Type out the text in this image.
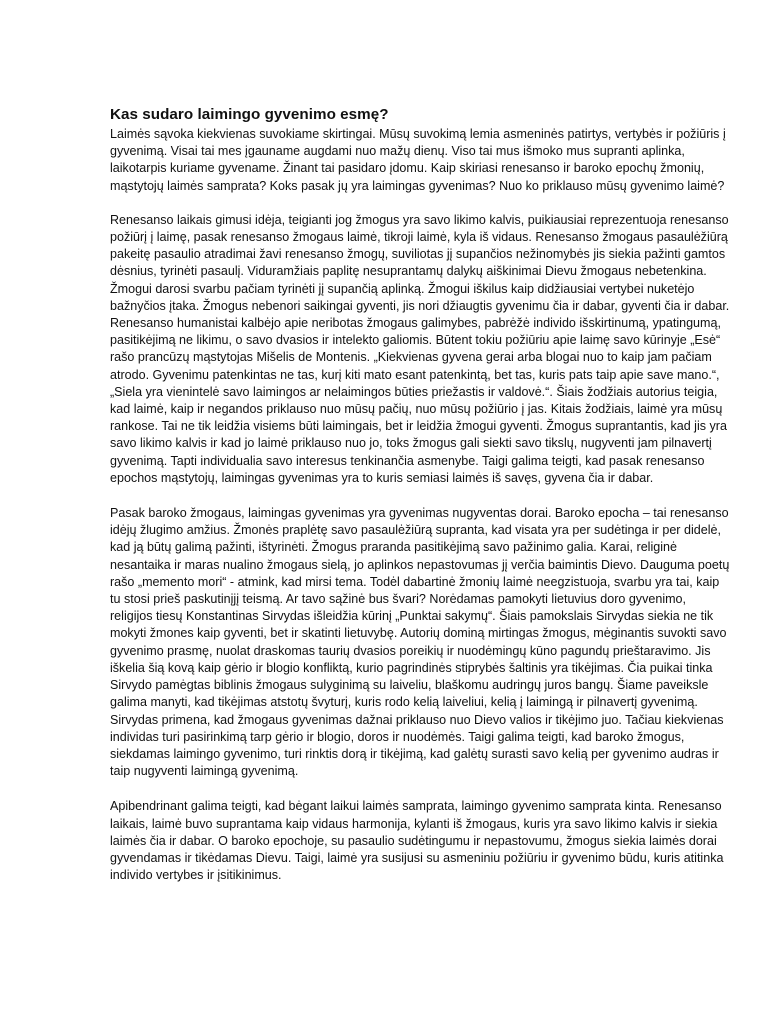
Kas sudaro laimingo gyvenimo esmę?

Laimės sąvoka kiekvienas suvokiame skirtingai. Mūsų suvokimą lemia asmeninės patirtys, vertybės ir požiūris į gyvenimą. Visai tai mes įgauname augdami nuo mažų dienų. Viso tai mus išmoko mus supranti aplinka, laikotarpis kuriame gyvename. Žinant tai pasidaro įdomu. Kaip skiriasi renesanso ir baroko epochų žmonių, mąstytojų laimės samprata? Koks pasak jų yra laimingas gyvenimas? Nuo ko priklauso mūsų gyvenimo laimė?

Renesanso laikais gimusi idėja, teigianti jog žmogus yra savo likimo kalvis, puikiausiai reprezentuoja renesanso požiūrį į laimę, pasak renesanso žmogaus laimė, tikroji laimė, kyla iš vidaus. Renesanso žmogaus pasaulėžiūrą pakeitę pasaulio atradimai žavi renesanso žmogų, suviliotas jį supančios nežinomybės jis siekia pažinti gamtos dėsnius, tyrinėti pasaulį. Viduramžiais paplitę nesuprantamų dalykų aiškinimai Dievu žmogaus nebetenkina. Žmogui darosi svarbu pačiam tyrinėti jį supančią aplinką. Žmogui iškilus kaip didžiausiai vertybei nuketėjo bažnyčios įtaka. Žmogus nebenori saikingai gyventi, jis nori džiaugtis gyvenimu čia ir dabar, gyventi čia ir dabar. Renesanso humanistai kalbėjo apie neribotas žmogaus galimybes, pabrėžė individo išskirtinumą, ypatingumą, pasitikėjimą ne likimu, o savo dvasios ir intelekto galiomis. Būtent tokiu požiūriu apie laimę savo kūrinyje „Esė“ rašo prancūzų mąstytojas Mišelis de Montenis. „Kiekvienas gyvena gerai arba blogai nuo to kaip jam pačiam atrodo. Gyvenimu patenkintas ne tas, kurį kiti mato esant patenkintą, bet tas, kuris pats taip apie save mano.“, „Siela yra vienintelė savo laimingos ar nelaimingos būties priežastis ir valdovė.“. Šiais žodžiais autorius teigia, kad laimė, kaip ir negandos priklauso nuo mūsų pačių, nuo mūsų požiūrio į jas. Kitais žodžiais, laimė yra mūsų rankose. Tai ne tik leidžia visiems būti laimingais, bet ir leidžia žmogui gyventi. Žmogus suprantantis, kad jis yra savo likimo kalvis ir kad jo laimė priklauso nuo jo, toks žmogus gali siekti savo tikslų, nugyventi jam pilnavertį gyvenimą. Tapti individualia savo interesus tenkinančia asmenybe. Taigi galima teigti, kad pasak renesanso epochos mąstytojų, laimingas gyvenimas yra to kuris semiasi laimės iš savęs, gyvena čia ir dabar.

Pasak baroko žmogaus, laimingas gyvenimas yra gyvenimas nugyventas dorai. Baroko epocha – tai renesanso idėjų žlugimo amžius. Žmonės praplėtę savo pasaulėžiūrą supranta, kad visata yra per sudėtinga ir per didelė, kad ją būtų galimą pažinti, ištyrinėti. Žmogus praranda pasitikėjimą savo pažinimo galia. Karai, religinė nesantaika ir maras nualino žmogaus sielą, jo aplinkos nepastovumas jį verčia baimintis Dievo. Dauguma poetų rašo „memento mori“ - atmink, kad mirsi tema. Todėl dabartinė žmonių laimė neegzistuoja, svarbu yra tai, kaip tu stosi prieš paskutinįjį teismą. Ar tavo sąžinė bus švari? Norėdamas pamokyti lietuvius doro gyvenimo, religijos tiesų Konstantinas Sirvydas išleidžia kūrinį „Punktai sakymų“. Šiais pamokslais Sirvydas siekia ne tik mokyti žmones kaip gyventi, bet ir skatinti lietuvybę. Autorių dominą mirtingas žmogus, mėginantis suvokti savo gyvenimo prasmę, nuolat draskomas taurių dvasios poreikių ir nuodėmingų kūno pagundų prieštaravimo. Jis iškelia šią kovą kaip gėrio ir blogio konfliktą, kurio pagrindinės stiprybės šaltinis yra tikėjimas. Čia puikai tinka Sirvydo pamėgtas biblinis žmogaus sulyginimą su laiveliu, blaškomu audringų juros bangų. Šiame paveiksle galima manyti, kad tikėjimas atstotų švyturį, kuris rodo kelią laiveliui, kelią į laimingą ir pilnavertį gyvenimą. Sirvydas primena, kad žmogaus gyvenimas dažnai priklauso nuo Dievo valios ir tikėjimo juo. Tačiau kiekvienas individas turi pasirinkimą tarp gėrio ir blogio, doros ir nuodėmės. Taigi galima teigti, kad baroko žmogus, siekdamas laimingo gyvenimo, turi rinktis dorą ir tikėjimą, kad galėtų surasti savo kelią per gyvenimo audras ir taip nugyventi laimingą gyvenimą.

Apibendrinant galima teigti, kad bėgant laikui laimės samprata, laimingo gyvenimo samprata kinta. Renesanso laikais, laimė buvo suprantama kaip vidaus harmonija, kylanti iš žmogaus, kuris yra savo likimo kalvis ir siekia laimės čia ir dabar. O baroko epochoje, su pasaulio sudėtingumu ir nepastovumu, žmogus siekia laimės dorai gyvendamas ir tikėdamas Dievu. Taigi, laimė yra susijusi su asmeniniu požiūriu ir gyvenimo būdu, kuris atitinka individo vertybes ir įsitikinimus.
